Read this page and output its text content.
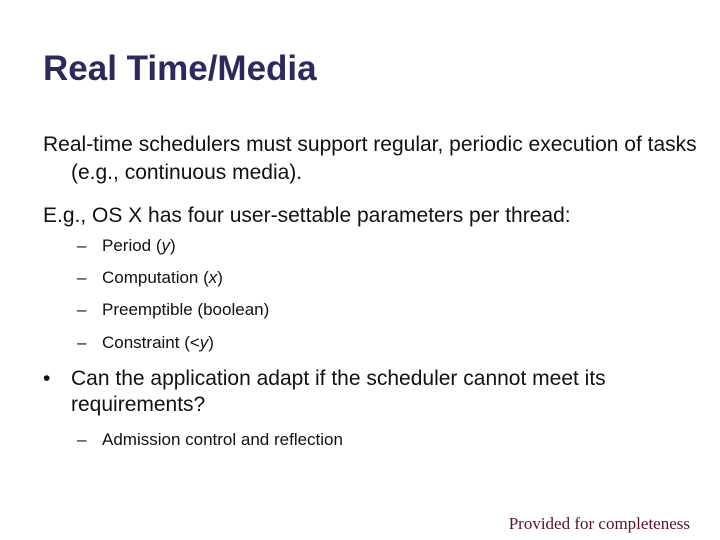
Real Time/Media
Real-time schedulers must support regular, periodic execution of tasks (e.g., continuous media).
E.g., OS X has four user-settable parameters per thread:
– Period (y)
– Computation (x)
– Preemptible (boolean)
– Constraint (<y)
• Can the application adapt if the scheduler cannot meet its requirements?
– Admission control and reflection
Provided for completeness
